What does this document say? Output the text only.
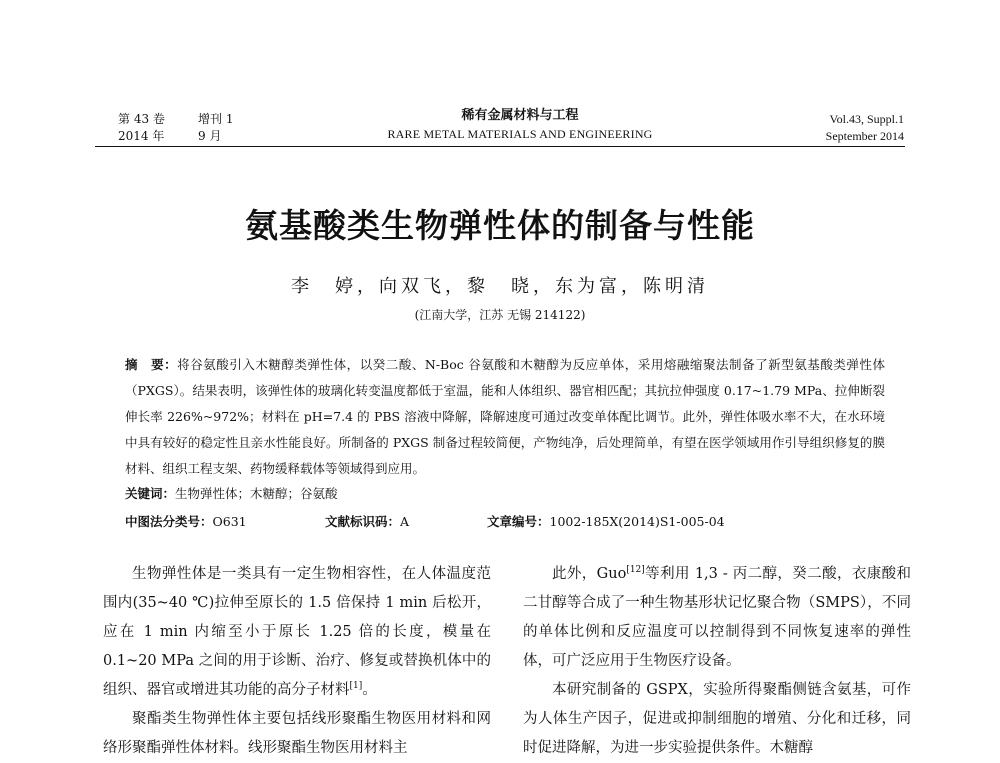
第 43 卷	增刊 1
2014 年	9 月
稀有金属材料与工程
RARE METAL MATERIALS AND ENGINEERING
Vol.43, Suppl.1
September 2014
氨基酸类生物弹性体的制备与性能
李　婷，向双飞，黎　晓，东为富，陈明清
(江南大学，江苏 无锡 214122)
摘　要：将谷氨酸引入木糖醇类弹性体，以癸二酸、N-Boc 谷氨酸和木糖醇为反应单体，采用熔融缩聚法制备了新型氨基酸类弹性体（PXGS）。结果表明，该弹性体的玻璃化转变温度都低于室温，能和人体组织、器官相匹配；其抗拉伸强度 0.17~1.79 MPa、拉伸断裂伸长率 226%~972%；材料在 pH=7.4 的 PBS 溶液中降解，降解速度可通过改变单体配比调节。此外，弹性体吸水率不大，在水环境中具有较好的稳定性且亲水性能良好。所制备的 PXGS 制备过程较简便，产物纯净，后处理简单，有望在医学领域用作引导组织修复的膜材料、组织工程支架、药物缓释载体等领域得到应用。
关键词：生物弹性体；木糖醇；谷氨酸
中图法分类号： O631	文献标识码： A	文章编号： 1002-185X(2014)S1-005-04

生物弹性体是一类具有一定生物相容性，在人体温度范围内(35~40 ℃)拉伸至原长的 1.5 倍保持 1 min 后松开，应在 1 min 内缩至小于原长 1.25 倍的长度，模量在 0.1~20 MPa 之间的用于诊断、治疗、修复或替换机体中的组织、器官或增进其功能的高分子材料[1]。

聚酯类生物弹性体主要包括线形聚酯生物医用材料和网络形聚酯弹性体材料。线形聚酯生物医用材料主

此外，Guo[12]等利用 1,3 - 丙二醇，癸二酸，衣康酸和二甘醇等合成了一种生物基形状记忆聚合物（SMPS），不同的单体比例和反应温度可以控制得到不同恢复速率的弹性体，可广泛应用于生物医疗设备。

本研究制备的 GSPX，实验所得聚酯侧链含氨基，可作为人体生产因子，促进或抑制细胞的增殖、分化和迁移，同时促进降解，为进一步实验提供条件。木糖醇
